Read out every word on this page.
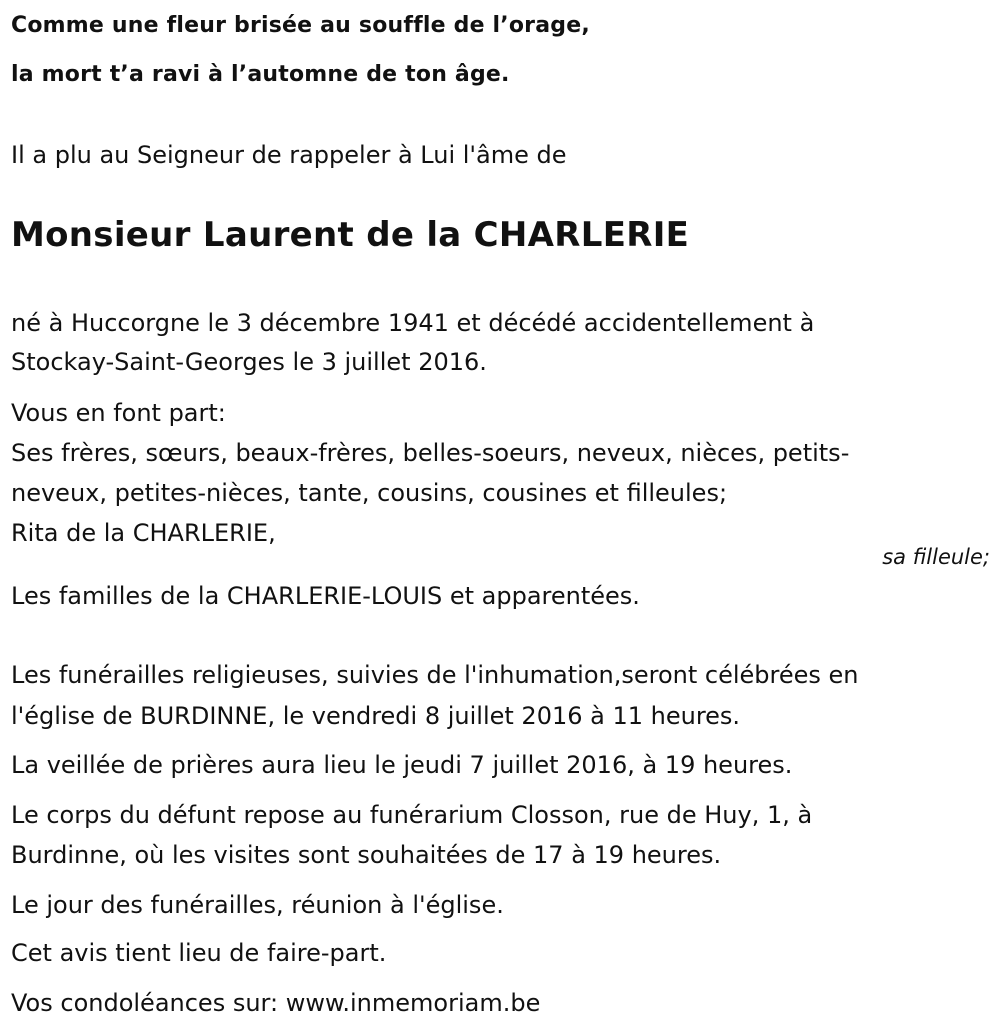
Comme une fleur brisée au souffle de l’orage,

la mort t’a ravi à l’automne de ton âge.

Il a plu au Seigneur de rappeler à Lui l'âme de

Monsieur Laurent de la CHARLERIE

né à Huccorgne le 3 décembre 1941 et décédé accidentellement à

Stockay-Saint-Georges le 3 juillet 2016.

Vous en font part:

Ses frères, sœurs, beaux-frères, belles-soeurs, neveux, nièces, petits-

neveux, petites-nièces, tante, cousins, cousines et filleules;

Rita de la CHARLERIE,

sa filleule;

Les familles de la CHARLERIE-LOUIS et apparentées.

Les funérailles religieuses, suivies de l'inhumation,seront célébrées en

l'église de BURDINNE, le vendredi 8 juillet 2016 à 11 heures.

La veillée de prières aura lieu le jeudi 7 juillet 2016, à 19 heures.

Le corps du défunt repose au funérarium Closson, rue de Huy, 1, à

Burdinne, où les visites sont souhaitées de 17 à 19 heures.

Le jour des funérailles, réunion à l'église.

Cet avis tient lieu de faire-part.

Vos condoléances sur: www.inmemoriam.be
